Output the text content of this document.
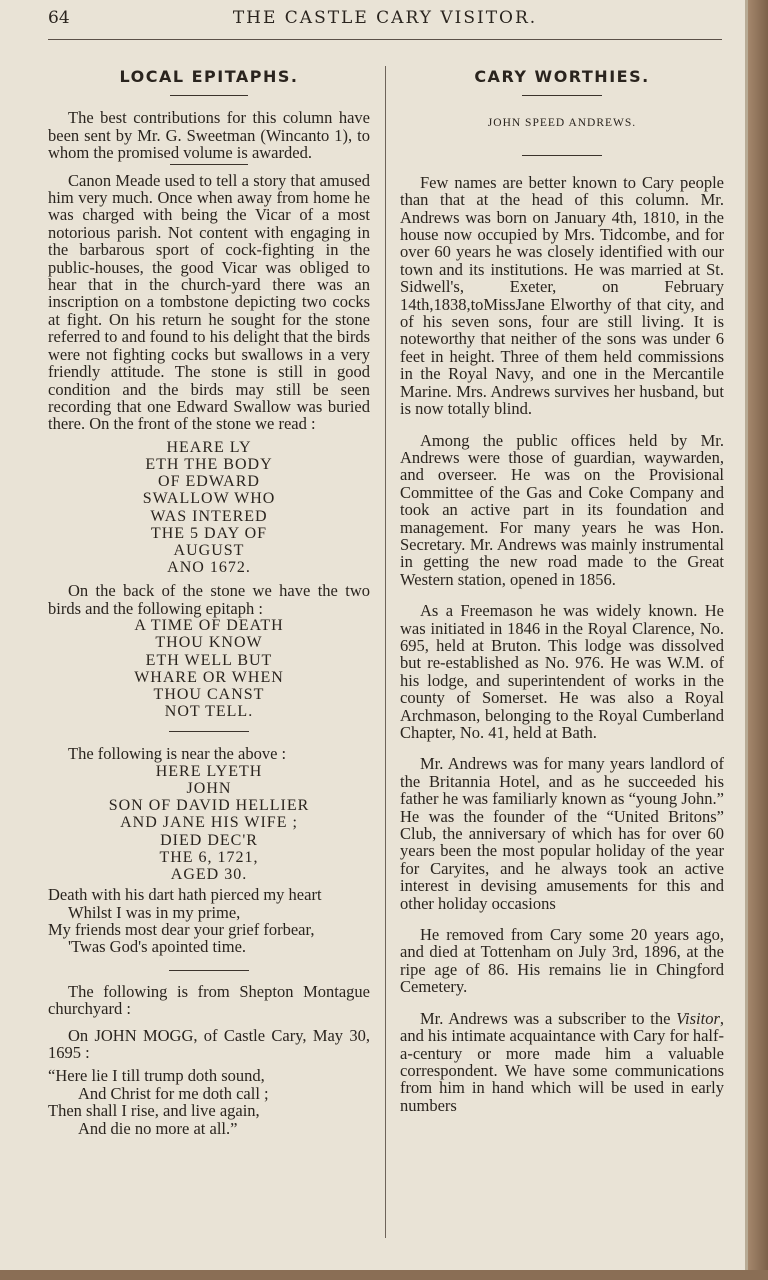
64	THE CASTLE CARY VISITOR.
LOCAL EPITAPHS.

The best contributions for this column have been sent by Mr. G. Sweetman (Wincanto 1), to whom the promised volume is awarded.

Canon Meade used to tell a story that amused him very much. Once when away from home he was charged with being the Vicar of a most notorious parish. Not content with engaging in the barbarous sport of cock-fighting in the public-houses, the good Vicar was obliged to hear that in the church-yard there was an inscription on a tombstone depicting two cocks at fight. On his return he sought for the stone referred to and found to his delight that the birds were not fighting cocks but swallows in a very friendly attitude. The stone is still in good condition and the birds may still be seen recording that one Edward Swallow was buried there. On the front of the stone we read :

HEARE LY
ETH THE BODY
OF EDWARD
SWALLOW WHO
WAS INTERED
THE 5 DAY OF
AUGUST
ANO 1672.

On the back of the stone we have the two birds and the following epitaph :

A TIME OF DEATH
THOU KNOW
ETH WELL BUT
WHARE OR WHEN
THOU CANST
NOT TELL.

The following is near the above :

HERE LYETH
JOHN
SON OF DAVID HELLIER
AND JANE HIS WIFE ;
DIED DEC'R
THE 6, 1721,
AGED 30.
Death with his dart hath pierced my heart
Whilst I was in my prime,
My friends most dear your grief forbear,
'Twas God's apointed time.

The following is from Shepton Montague churchyard :

On JOHN MOGG, of Castle Cary, May 30, 1695 :

“Here lie I till trump doth sound,
And Christ for me doth call ;
Then shall I rise, and live again,
And die no more at all.”
CARY WORTHIES.
JOHN SPEED ANDREWS.

Few names are better known to Cary people than that at the head of this column. Mr. Andrews was born on January 4th, 1810, in the house now occupied by Mrs. Tidcombe, and for over 60 years he was closely identified with our town and its institutions. He was married at St. Sidwell's, Exeter, on February 14th,1838,toMissJane Elworthy of that city, and of his seven sons, four are still living. It is noteworthy that neither of the sons was under 6 feet in height. Three of them held commissions in the Royal Navy, and one in the Mercantile Marine. Mrs. Andrews survives her husband, but is now totally blind.

Among the public offices held by Mr. Andrews were those of guardian, waywarden, and overseer. He was on the Provisional Committee of the Gas and Coke Company and took an active part in its foundation and management. For many years he was Hon. Secretary. Mr. Andrews was mainly instrumental in getting the new road made to the Great Western station, opened in 1856.

As a Freemason he was widely known. He was initiated in 1846 in the Royal Clarence, No. 695, held at Bruton. This lodge was dissolved but re-established as No. 976. He was W.M. of his lodge, and superintendent of works in the county of Somerset. He was also a Royal Archmason, belonging to the Royal Cumberland Chapter, No. 41, held at Bath.

Mr. Andrews was for many years landlord of the Britannia Hotel, and as he succeeded his father he was familiarly known as “young John.” He was the founder of the “United Britons” Club, the anniversary of which has for over 60 years been the most popular holiday of the year for Caryites, and he always took an active interest in devising amusements for this and other holiday occasions

He removed from Cary some 20 years ago, and died at Tottenham on July 3rd, 1896, at the ripe age of 86. His remains lie in Chingford Cemetery.

Mr. Andrews was a subscriber to the Visitor, and his intimate acquaintance with Cary for half-a-century or more made him a valuable correspondent. We have some communications from him in hand which will be used in early numbers
